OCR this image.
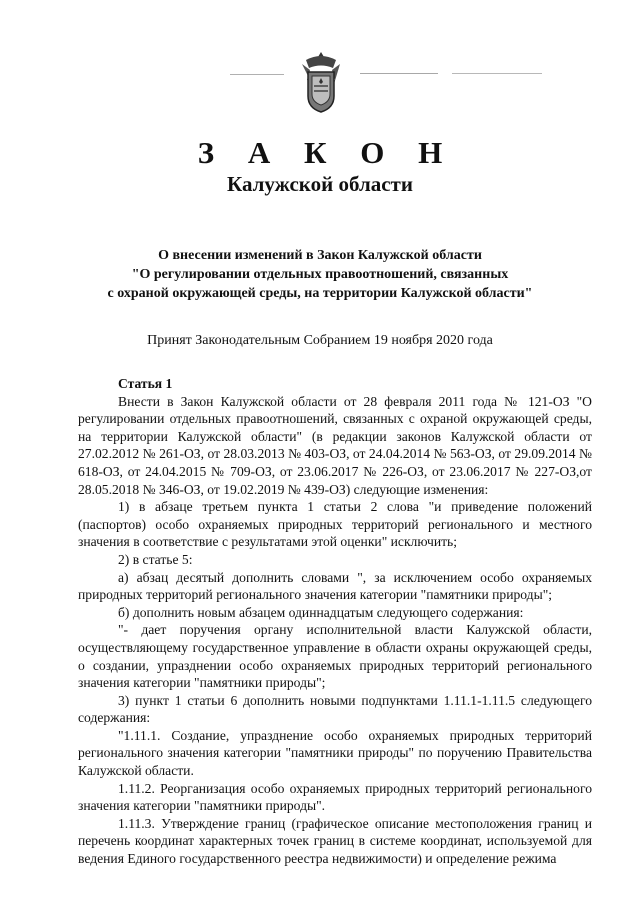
З А К О Н
Калужской области
О внесении изменений в Закон Калужской области
"О регулировании отдельных правоотношений, связанных
с охраной окружающей среды, на территории Калужской области"
Принят Законодательным Собранием 19 ноября 2020 года
Статья 1
Внести в Закон Калужской области от 28 февраля 2011 года № 121-ОЗ "О регулировании отдельных правоотношений, связанных с охраной окружающей среды, на территории Калужской области" (в редакции законов Калужской области от 27.02.2012 № 261-ОЗ, от 28.03.2013 № 403-ОЗ, от 24.04.2014 № 563-ОЗ, от 29.09.2014 № 618-ОЗ, от 24.04.2015 № 709-ОЗ, от 23.06.2017 № 226-ОЗ, от 23.06.2017 № 227-ОЗ,от 28.05.2018 № 346-ОЗ, от 19.02.2019 № 439-ОЗ) следующие изменения:
1) в абзаце третьем пункта 1 статьи 2 слова "и приведение положений (паспортов) особо охраняемых природных территорий регионального и местного значения в соответствие с результатами этой оценки" исключить;
2) в статье 5:
а) абзац десятый дополнить словами ", за исключением особо охраняемых природных территорий регионального значения категории "памятники природы";
б) дополнить новым абзацем одиннадцатым следующего содержания:
"- дает поручения органу исполнительной власти Калужской области, осуществляющему государственное управление в области охраны окружающей среды, о создании, упразднении особо охраняемых природных территорий регионального значения категории "памятники природы";
3) пункт 1 статьи 6 дополнить новыми подпунктами 1.11.1-1.11.5 следующего содержания:
"1.11.1. Создание, упразднение особо охраняемых природных территорий регионального значения категории "памятники природы" по поручению Правительства Калужской области.
1.11.2. Реорганизация особо охраняемых природных территорий регионального значения категории "памятники природы".
1.11.3. Утверждение границ (графическое описание местоположения границ и перечень координат характерных точек границ в системе координат, используемой для ведения Единого государственного реестра недвижимости) и определение режима
